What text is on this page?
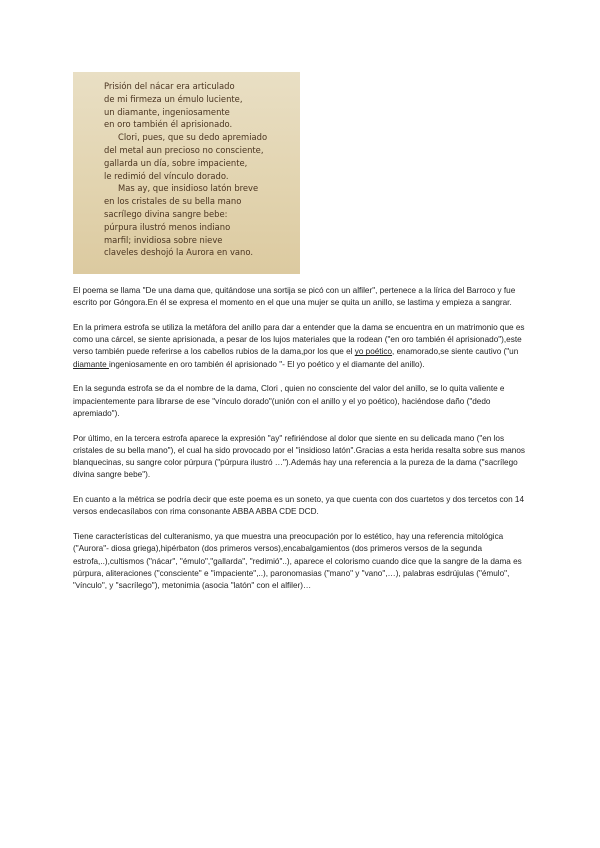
Prisión del nácar era articulado
de mi firmeza un émulo luciente,
un diamante, ingeniosamente
en oro también él aprisionado.
Clori, pues, que su dedo apremiado
del metal aun precioso no consciente,
gallarda un día, sobre impaciente,
le redimió del vínculo dorado.
Mas ay, que insidioso latón breve
en los cristales de su bella mano
sacrílego divina sangre bebe:
púrpura ilustró menos indiano
marfil; invidiosa sobre nieve
claveles deshojó la Aurora en vano.

El poema se llama "De una dama que, quitándose una sortija se picó con un alfiler", pertenece a la lírica del Barroco y fue escrito por Góngora.En él se expresa el momento en el que una mujer se quita un anillo, se lastima y empieza a sangrar.

En la primera estrofa se utiliza la metáfora del anillo para dar a entender que la dama se encuentra en un matrimonio que es como una cárcel, se siente aprisionada, a pesar de los lujos materiales que la rodean ("en oro también él aprisionado"),este verso también puede referirse a los cabellos rubios de la dama,por los que el yo poético, enamorado,se siente cautivo ("un diamante ingeniosamente en oro también él aprisionado "- El yo poético y el diamante del anillo).

En la segunda estrofa se da el nombre de la dama, Clori , quien no consciente del valor del anillo, se lo quita valiente e impacientemente para librarse de ese "vínculo dorado"(unión con el anillo y el yo poético), haciéndose daño ("dedo apremiado").

Por último, en la tercera estrofa aparece la expresión "ay" refiriéndose al dolor que siente en su delicada mano ("en los cristales de su bella mano"), el cual ha sido provocado por el "insidioso latón".Gracias a esta herida resalta sobre sus manos blanquecinas, su sangre color púrpura ("púrpura ilustró …").Además hay una referencia a la pureza de la dama ("sacrílego divina sangre bebe").

En cuanto a la métrica se podría decir que este poema es un soneto, ya que cuenta con dos cuartetos y dos tercetos con 14 versos endecasílabos con rima consonante ABBA ABBA CDE DCD.

Tiene características del culteranismo, ya que muestra una preocupación por lo estético, hay una referencia mitológica ("Aurora"- diosa griega),hipérbaton (dos primeros versos),encabalgamientos (dos primeros versos de la segunda estrofa,..),cultismos ("nácar", "émulo","gallarda", "redimió"..), aparece el colorismo cuando dice que la sangre de la dama es púrpura, aliteraciones ("consciente" e "impaciente",..), paronomasias ("mano" y "vano",…), palabras esdrújulas ("émulo", "vínculo", y "sacrílego"), metonimia (asocia "latón" con el alfiler)…
